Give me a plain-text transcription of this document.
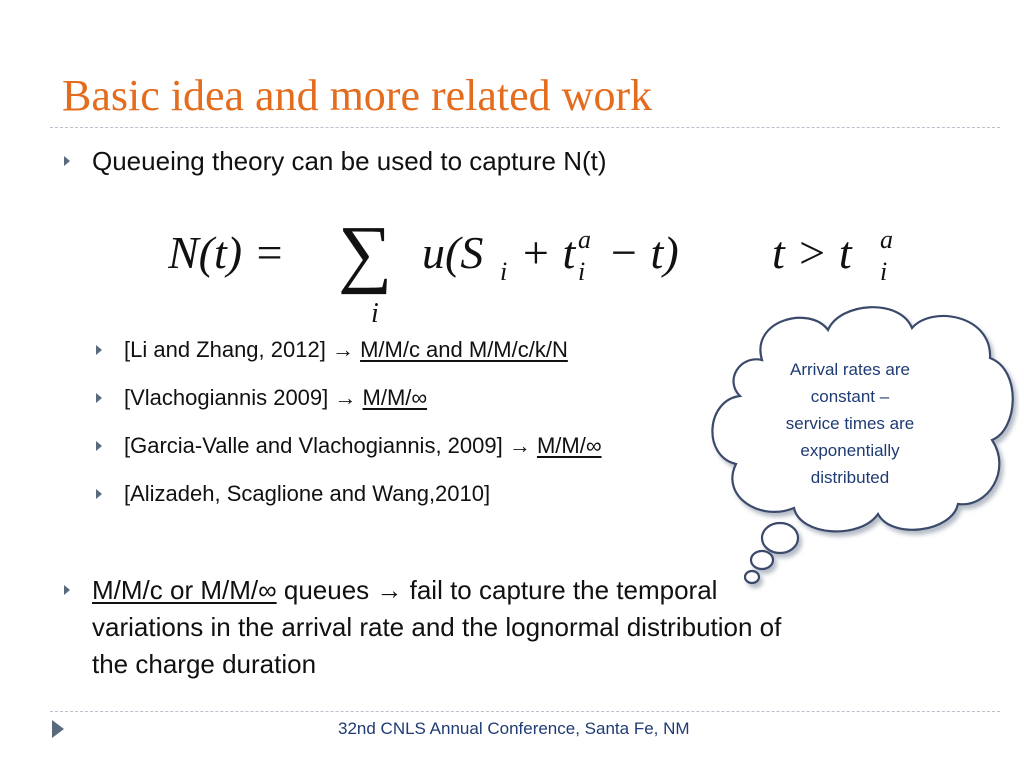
Basic idea and more related work
Queueing theory can be used to capture N(t)
N(t) = ∑
i
u(S i + t a
i − t) t > t a
i
[Li and Zhang, 2012] → M/M/c and M/M/c/k/N
[Vlachogiannis 2009] → M/M/∞
[Garcia-Valle and Vlachogiannis, 2009] → M/M/∞
[Alizadeh, Scaglione and Wang,2010]
M/M/c or M/M/∞ queues → fail to capture the temporal
variations in the arrival rate and the lognormal distribution of
the charge duration
Arrival rates are
constant –
service times are
exponentially
distributed
32nd CNLS Annual Conference, Santa Fe, NM
